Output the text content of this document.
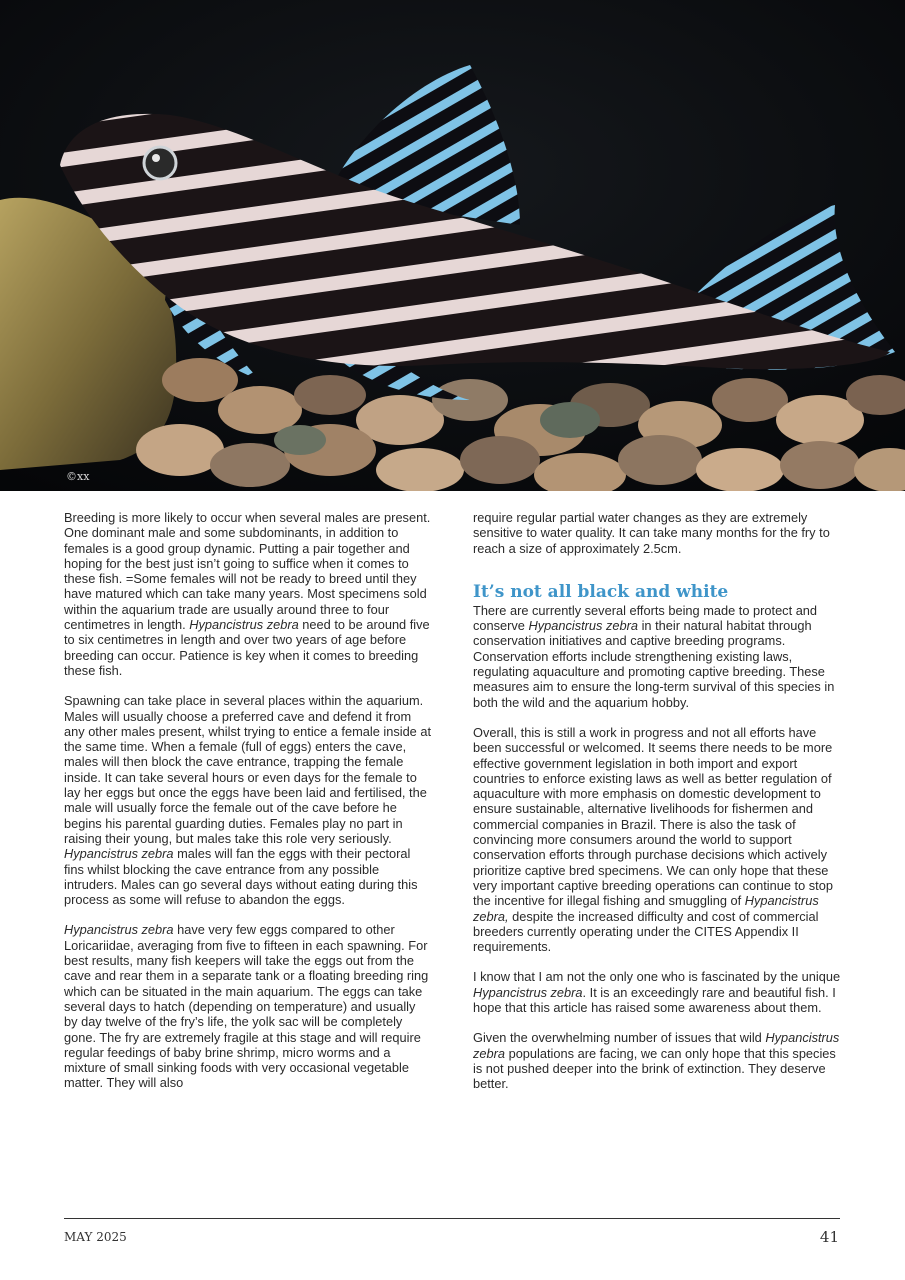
©xx

Breeding is more likely to occur when several males are present. One dominant male and some subdominants, in addition to females is a good group dynamic. Putting a pair together and hoping for the best just isn’t going to suffice when it comes to these fish. =Some females will not be ready to breed until they have matured which can take many years. Most specimens sold within the aquarium trade are usually around three to four centimetres in length. Hypancistrus zebra need to be around five to six centimetres in length and over two years of age before breeding can occur. Patience is key when it comes to breeding these fish.

Spawning can take place in several places within the aquarium. Males will usually choose a preferred cave and defend it from any other males present, whilst trying to entice a female inside at the same time. When a female (full of eggs) enters the cave, males will then block the cave entrance, trapping the female inside. It can take several hours or even days for the female to lay her eggs but once the eggs have been laid and fertilised, the male will usually force the female out of the cave before he begins his parental guarding duties. Females play no part in raising their young, but males take this role very seriously. Hypancistrus zebra males will fan the eggs with their pectoral fins whilst blocking the cave entrance from any possible intruders. Males can go several days without eating during this process as some will refuse to abandon the eggs.

Hypancistrus zebra have very few eggs compared to other Loricariidae, averaging from five to fifteen in each spawning. For best results, many fish keepers will take the eggs out from the cave and rear them in a separate tank or a floating breeding ring which can be situated in the main aquarium. The eggs can take several days to hatch (depending on temperature) and usually by day twelve of the fry’s life, the yolk sac will be completely gone. The fry are extremely fragile at this stage and will require regular feedings of baby brine shrimp, micro worms and a mixture of small sinking foods with very occasional vegetable matter. They will also

require regular partial water changes as they are extremely sensitive to water quality. It can take many months for the fry to reach a size of approximately 2.5cm.

It’s not all black and white

There are currently several efforts being made to protect and conserve Hypancistrus zebra in their natural habitat through conservation initiatives and captive breeding programs. Conservation efforts include strengthening existing laws, regulating aquaculture and promoting captive breeding. These measures aim to ensure the long-term survival of this species in both the wild and the aquarium hobby.

Overall, this is still a work in progress and not all efforts have been successful or welcomed. It seems there needs to be more effective government legislation in both import and export countries to enforce existing laws as well as better regulation of aquaculture with more emphasis on domestic development to ensure sustainable, alternative livelihoods for fishermen and commercial companies in Brazil. There is also the task of convincing more consumers around the world to support conservation efforts through purchase decisions which actively prioritize captive bred specimens. We can only hope that these very important captive breeding operations can continue to stop the incentive for illegal fishing and smuggling of Hypancistrus zebra, despite the increased difficulty and cost of commercial breeders currently operating under the CITES Appendix II requirements.

I know that I am not the only one who is fascinated by the unique Hypancistrus zebra. It is an exceedingly rare and beautiful fish. I hope that this article has raised some awareness about them.

Given the overwhelming number of issues that wild Hypancistrus zebra populations are facing, we can only hope that this species is not pushed deeper into the brink of extinction. They deserve better.

MAY 2025	41
